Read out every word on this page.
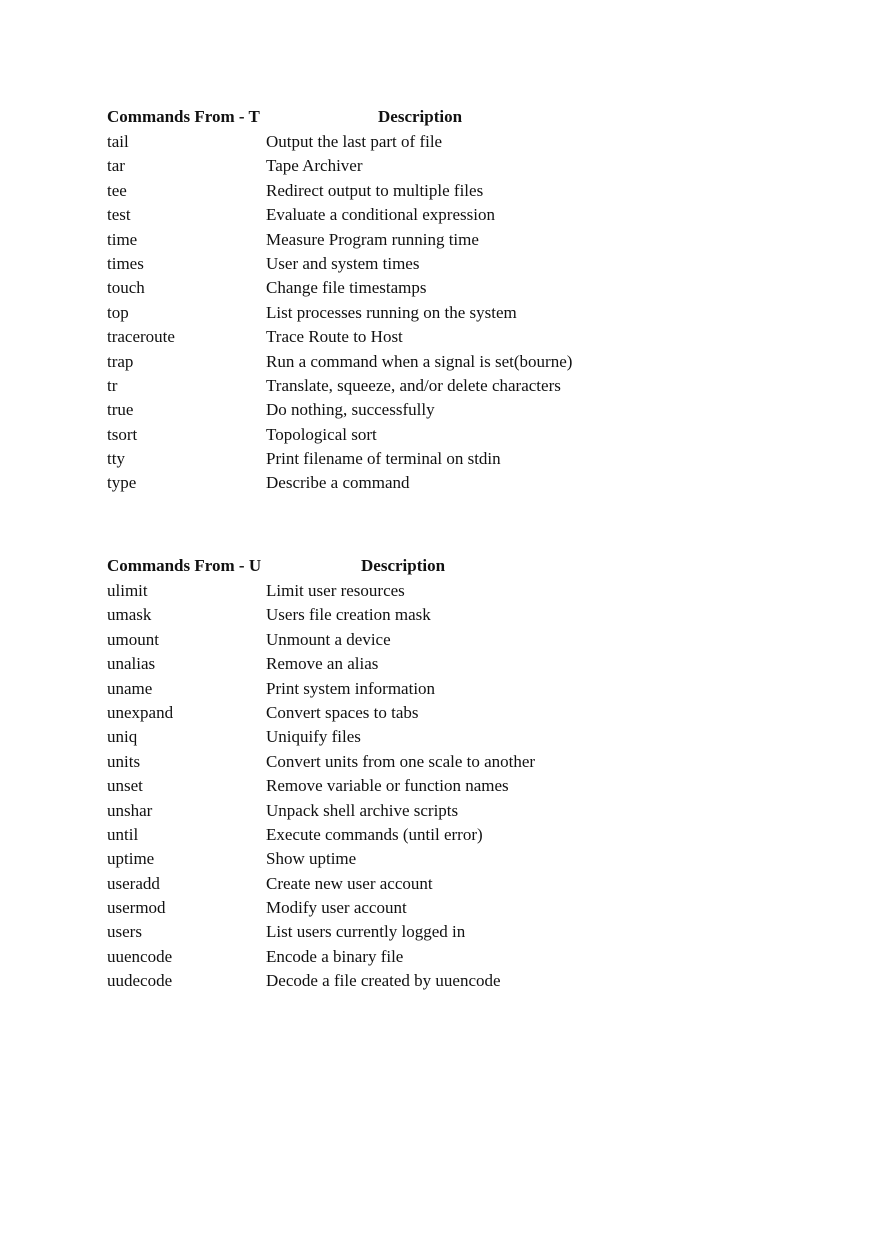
Commands From - T	Description
tail	Output the last part of file
tar	Tape Archiver
tee	Redirect output to multiple files
test	Evaluate a conditional expression
time	Measure Program running time
times	User and system times
touch	Change file timestamps
top	List processes running on the system
traceroute	Trace Route to Host
trap	Run a command when a signal is set(bourne)
tr	Translate, squeeze, and/or delete characters
true	Do nothing, successfully
tsort	Topological sort
tty	Print filename of terminal on stdin
type	Describe a command
Commands From - U	Description
ulimit	Limit user resources
umask	Users file creation mask
umount	Unmount a device
unalias	Remove an alias
uname	Print system information
unexpand	Convert spaces to tabs
uniq	Uniquify files
units	Convert units from one scale to another
unset	Remove variable or function names
unshar	Unpack shell archive scripts
until	Execute commands (until error)
uptime	Show uptime
useradd	Create new user account
usermod	Modify user account
users	List users currently logged in
uuencode	Encode a binary file
uudecode	Decode a file created by uuencode
